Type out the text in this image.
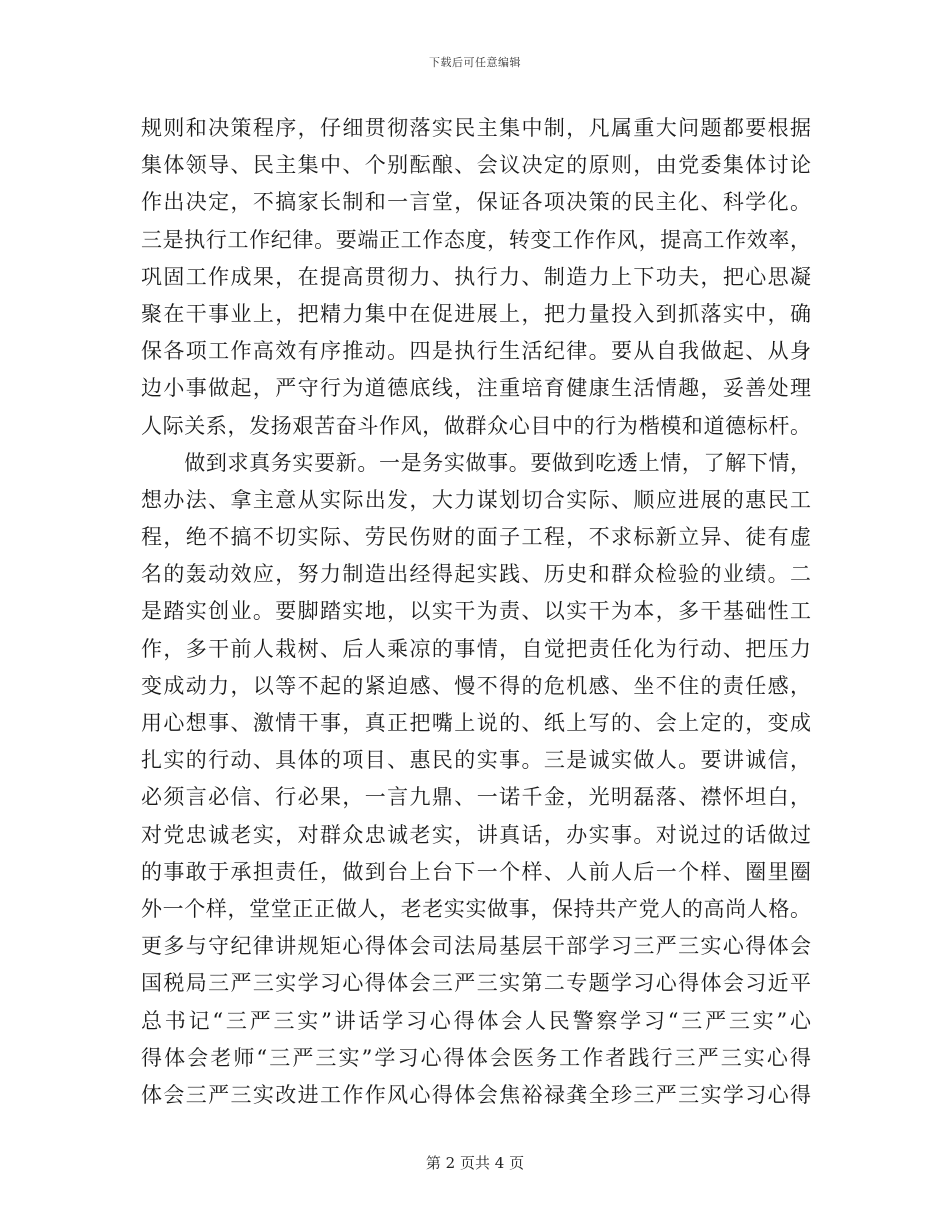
下载后可任意编辑
规则和决策程序，仔细贯彻落实民主集中制，凡属重大问题都要根据
集体领导、民主集中、个别酝酿、会议决定的原则，由党委集体讨论
作出决定，不搞家长制和一言堂，保证各项决策的民主化、科学化。
三是执行工作纪律。要端正工作态度，转变工作作风，提高工作效率，
巩固工作成果，在提高贯彻力、执行力、制造力上下功夫，把心思凝
聚在干事业上，把精力集中在促进展上，把力量投入到抓落实中，确
保各项工作高效有序推动。四是执行生活纪律。要从自我做起、从身
边小事做起，严守行为道德底线，注重培育健康生活情趣，妥善处理
人际关系，发扬艰苦奋斗作风，做群众心目中的行为楷模和道德标杆。
　　做到求真务实要新。一是务实做事。要做到吃透上情，了解下情，
想办法、拿主意从实际出发，大力谋划切合实际、顺应进展的惠民工
程，绝不搞不切实际、劳民伤财的面子工程，不求标新立异、徒有虚
名的轰动效应，努力制造出经得起实践、历史和群众检验的业绩。二
是踏实创业。要脚踏实地，以实干为责、以实干为本，多干基础性工
作，多干前人栽树、后人乘凉的事情，自觉把责任化为行动、把压力
变成动力，以等不起的紧迫感、慢不得的危机感、坐不住的责任感，
用心想事、激情干事，真正把嘴上说的、纸上写的、会上定的，变成
扎实的行动、具体的项目、惠民的实事。三是诚实做人。要讲诚信，
必须言必信、行必果，一言九鼎、一诺千金，光明磊落、襟怀坦白，
对党忠诚老实，对群众忠诚老实，讲真话，办实事。对说过的话做过
的事敢于承担责任，做到台上台下一个样、人前人后一个样、圈里圈
外一个样，堂堂正正做人，老老实实做事，保持共产党人的高尚人格。
更多与守纪律讲规矩心得体会司法局基层干部学习三严三实心得体会
国税局三严三实学习心得体会三严三实第二专题学习心得体会习近平
总书记“三严三实”讲话学习心得体会人民警察学习“三严三实”心
得体会老师“三严三实”学习心得体会医务工作者践行三严三实心得
体会三严三实改进工作作风心得体会焦裕禄龚全珍三严三实学习心得
第 2 页共 4 页
